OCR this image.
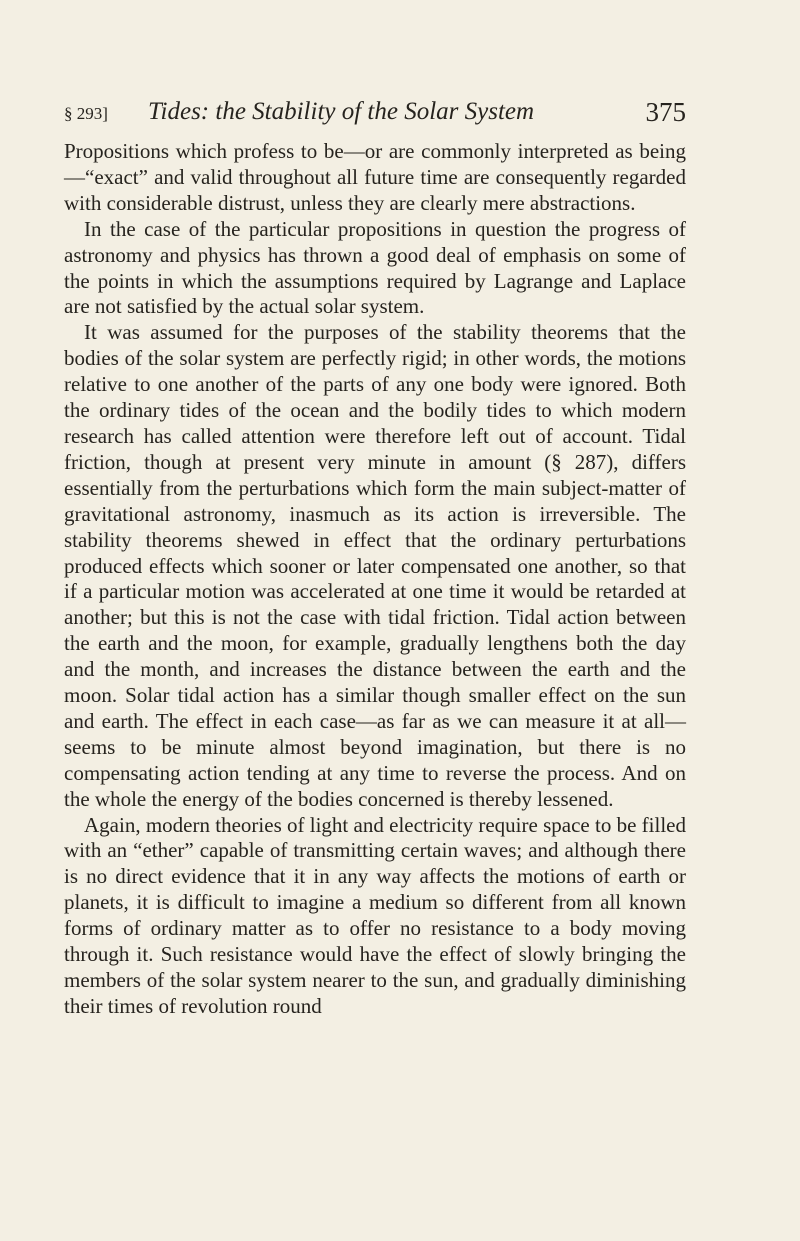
§ 293] Tides: the Stability of the Solar System	375

Propositions which profess to be—or are commonly interpreted as being—“exact” and valid throughout all future time are consequently regarded with considerable distrust, unless they are clearly mere abstractions.

In the case of the particular propositions in question the progress of astronomy and physics has thrown a good deal of emphasis on some of the points in which the assumptions required by Lagrange and Laplace are not satisfied by the actual solar system.

It was assumed for the purposes of the stability theorems that the bodies of the solar system are perfectly rigid; in other words, the motions relative to one another of the parts of any one body were ignored. Both the ordinary tides of the ocean and the bodily tides to which modern research has called attention were therefore left out of account. Tidal friction, though at present very minute in amount (§ 287), differs essentially from the perturbations which form the main subject-matter of gravitational astronomy, inasmuch as its action is irreversible. The stability theorems shewed in effect that the ordinary perturbations produced effects which sooner or later compensated one another, so that if a particular motion was accelerated at one time it would be retarded at another; but this is not the case with tidal friction. Tidal action between the earth and the moon, for example, gradually lengthens both the day and the month, and increases the distance between the earth and the moon. Solar tidal action has a similar though smaller effect on the sun and earth. The effect in each case—as far as we can measure it at all—seems to be minute almost beyond imagination, but there is no compensating action tending at any time to reverse the process. And on the whole the energy of the bodies concerned is thereby lessened.

Again, modern theories of light and electricity require space to be filled with an “ether” capable of transmitting certain waves; and although there is no direct evidence that it in any way affects the motions of earth or planets, it is difficult to imagine a medium so different from all known forms of ordinary matter as to offer no resistance to a body moving through it. Such resistance would have the effect of slowly bringing the members of the solar system nearer to the sun, and gradually diminishing their times of revolution round
